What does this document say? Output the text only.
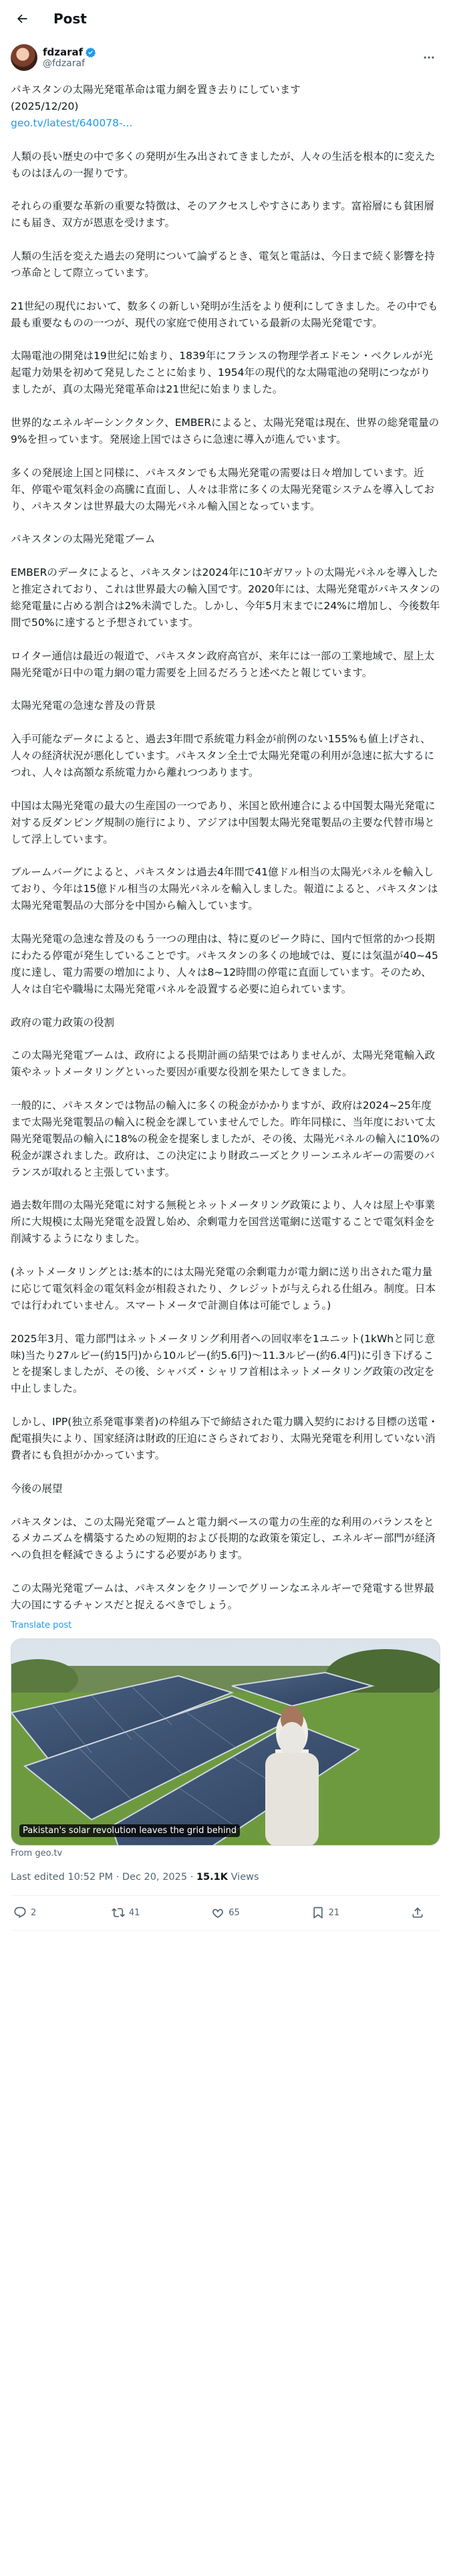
Post
fdzaraf
@fdzaraf
パキスタンの太陽光発電革命は電力網を置き去りにしています
(2025/12/20)
geo.tv/latest/640078-...
人類の長い歴史の中で多くの発明が生み出されてきましたが、人々の生活を根本的に変えたものはほんの一握りです。
それらの重要な革新の重要な特徴は、そのアクセスしやすさにあります。富裕層にも貧困層にも届き、双方が恩恵を受けます。
人類の生活を変えた過去の発明について論ずるとき、電気と電話は、今日まで続く影響を持つ革命として際立っています。
21世紀の現代において、数多くの新しい発明が生活をより便利にしてきました。その中でも最も重要なものの一つが、現代の家庭で使用されている最新の太陽光発電です。
太陽電池の開発は19世紀に始まり、1839年にフランスの物理学者エドモン・ベクレルが光起電力効果を初めて発見したことに始まり、1954年の現代的な太陽電池の発明につながりましたが、真の太陽光発電革命は21世紀に始まりました。
世界的なエネルギーシンクタンク、EMBERによると、太陽光発電は現在、世界の総発電量の9%を担っています。発展途上国ではさらに急速に導入が進んでいます。
多くの発展途上国と同様に、パキスタンでも太陽光発電の需要は日々増加しています。近年、停電や電気料金の高騰に直面し、人々は非常に多くの太陽光発電システムを導入しており、パキスタンは世界最大の太陽光パネル輸入国となっています。
パキスタンの太陽光発電ブーム
EMBERのデータによると、パキスタンは2024年に10ギガワットの太陽光パネルを導入したと推定されており、これは世界最大の輸入国です。2020年には、太陽光発電がパキスタンの総発電量に占める割合は2%未満でした。しかし、今年5月末までに24%に増加し、今後数年間で50%に達すると予想されています。
ロイター通信は最近の報道で、パキスタン政府高官が、来年には一部の工業地域で、屋上太陽光発電が日中の電力網の電力需要を上回るだろうと述べたと報じています。
太陽光発電の急速な普及の背景
入手可能なデータによると、過去3年間で系統電力料金が前例のない155%も値上げされ、人々の経済状況が悪化しています。パキスタン全土で太陽光発電の利用が急速に拡大するにつれ、人々は高額な系統電力から離れつつあります。
中国は太陽光発電の最大の生産国の一つであり、米国と欧州連合による中国製太陽光発電に対する反ダンピング規制の施行により、アジアは中国製太陽光発電製品の主要な代替市場として浮上しています。
ブルームバーグによると、パキスタンは過去4年間で41億ドル相当の太陽光パネルを輸入しており、今年は15億ドル相当の太陽光パネルを輸入しました。報道によると、パキスタンは太陽光発電製品の大部分を中国から輸入しています。
太陽光発電の急速な普及のもう一つの理由は、特に夏のピーク時に、国内で恒常的かつ長期にわたる停電が発生していることです。パキスタンの多くの地域では、夏には気温が40~45度に達し、電力需要の増加により、人々は8~12時間の停電に直面しています。そのため、人々は自宅や職場に太陽光発電パネルを設置する必要に迫られています。
政府の電力政策の役割
この太陽光発電ブームは、政府による長期計画の結果ではありませんが、太陽光発電輸入政策やネットメータリングといった要因が重要な役割を果たしてきました。
一般的に、パキスタンでは物品の輸入に多くの税金がかかりますが、政府は2024~25年度まで太陽光発電製品の輸入に税金を課していませんでした。昨年同様に、当年度において太陽光発電製品の輸入に18%の税金を提案しましたが、その後、太陽光パネルの輸入に10%の税金が課されました。政府は、この決定により財政ニーズとクリーンエネルギーの需要のバランスが取れると主張しています。
過去数年間の太陽光発電に対する無税とネットメータリング政策により、人々は屋上や事業所に大規模に太陽光発電を設置し始め、余剰電力を国営送電網に送電することで電気料金を削減するようになりました。
(ネットメータリングとは:基本的には太陽光発電の余剰電力が電力網に送り出された電力量に応じて電気料金の電気料金が相殺されたり、クレジットが与えられる仕組み。制度。日本では行われていません。スマートメータで計測自体は可能でしょう。)
2025年3月、電力部門はネットメータリング利用者への回収率を1ユニット(1kWhと同じ意味)当たり27ルピー(約15円)から10ルピー(約5.6円)～11.3ルピー(約6.4円)に引き下げることを提案しましたが、その後、シャバズ・シャリフ首相はネットメータリング政策の改定を中止しました。
しかし、IPP(独立系発電事業者)の枠組み下で締結された電力購入契約における目標の送電・配電損失により、国家経済は財政的圧迫にさらされており、太陽光発電を利用していない消費者にも負担がかかっています。
今後の展望
パキスタンは、この太陽光発電ブームと電力網ベースの電力の生産的な利用のバランスをとるメカニズムを構築するための短期的および長期的な政策を策定し、エネルギー部門が経済への負担を軽減できるようにする必要があります。
この太陽光発電ブームは、パキスタンをクリーンでグリーンなエネルギーで発電する世界最大の国にするチャンスだと捉えるべきでしょう。
Translate post
Pakistan's solar revolution leaves the grid behind
From geo.tv
Last edited 10:52 PM · Dec 20, 2025 · 15.1K
Views
2	41	65	21
